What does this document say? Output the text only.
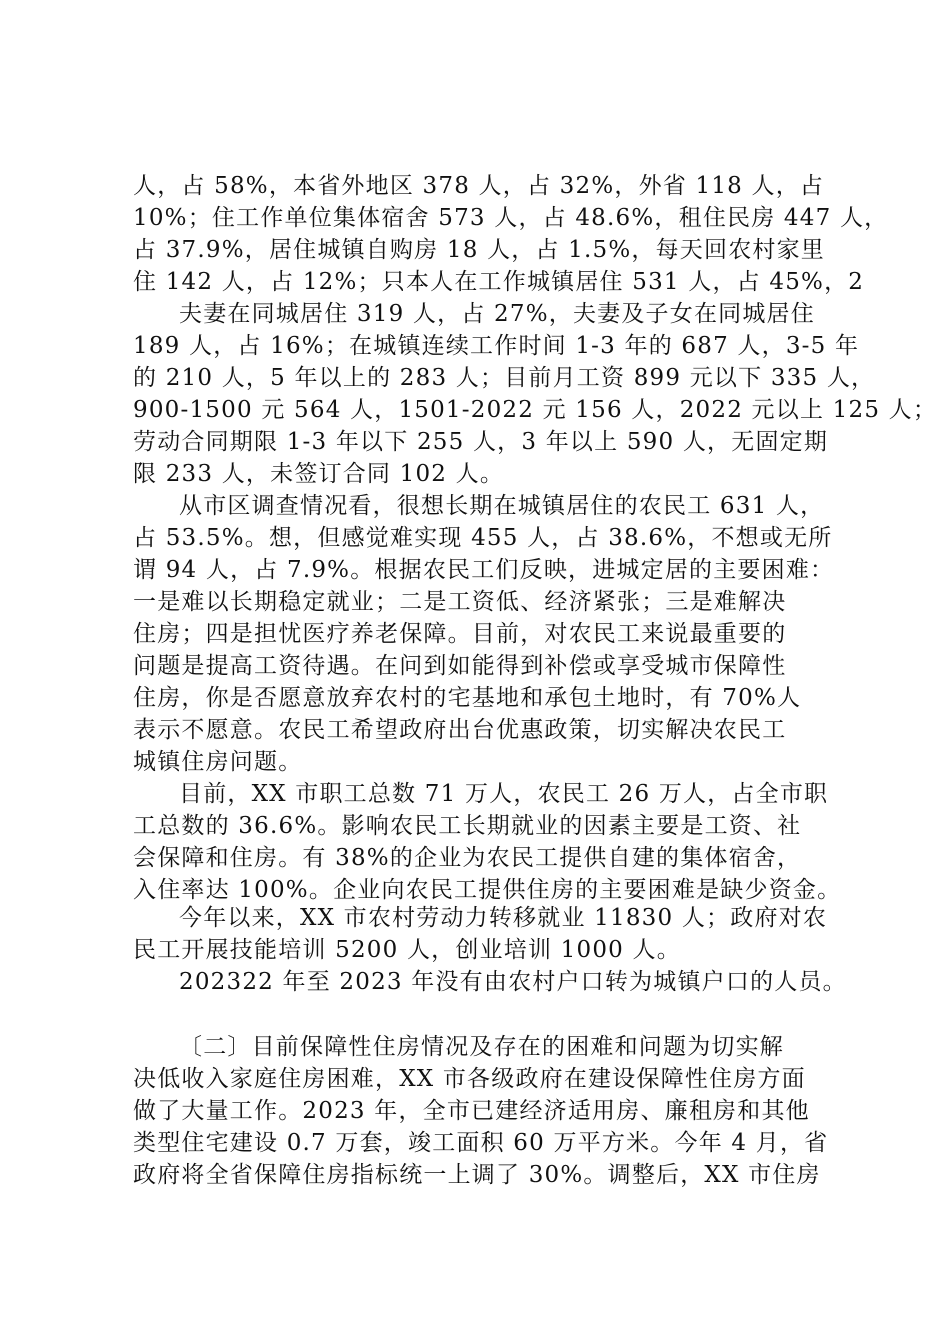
人，占 58%，本省外地区 378 人，占 32%，外省 118 人，占
10%；住工作单位集体宿舍 573 人，占 48.6%，租住民房 447 人，
占 37.9%，居住城镇自购房 18 人，占 1.5%，每天回农村家里
住 142 人，占 12%；只本人在工作城镇居住 531 人，占 45%，2
夫妻在同城居住 319 人，占 27%，夫妻及子女在同城居住
189 人，占 16%；在城镇连续工作时间 1-3 年的 687 人，3-5 年
的 210 人，5 年以上的 283 人；目前月工资 899 元以下 335 人，
900-1500 元 564 人，1501-2022 元 156 人，2022 元以上 125 人；
劳动合同期限 1-3 年以下 255 人，3 年以上 590 人，无固定期
限 233 人，未签订合同 102 人。
从市区调查情况看，很想长期在城镇居住的农民工 631 人，
占 53.5%。想，但感觉难实现 455 人，占 38.6%，不想或无所
谓 94 人，占 7.9%。根据农民工们反映，进城定居的主要困难：
一是难以长期稳定就业；二是工资低、经济紧张；三是难解决
住房；四是担忧医疗养老保障。目前，对农民工来说最重要的
问题是提高工资待遇。在问到如能得到补偿或享受城市保障性
住房，你是否愿意放弃农村的宅基地和承包土地时，有 70%人
表示不愿意。农民工希望政府出台优惠政策，切实解决农民工
城镇住房问题。
目前，XX 市职工总数 71 万人，农民工 26 万人，占全市职
工总数的 36.6%。影响农民工长期就业的因素主要是工资、社
会保障和住房。有 38%的企业为农民工提供自建的集体宿舍，
入住率达 100%。企业向农民工提供住房的主要困难是缺少资金。
今年以来，XX 市农村劳动力转移就业 11830 人；政府对农
民工开展技能培训 5200 人，创业培训 1000 人。
202322 年至 2023 年没有由农村户口转为城镇户口的人员。
〔二〕目前保障性住房情况及存在的困难和问题为切实解
决低收入家庭住房困难，XX 市各级政府在建设保障性住房方面
做了大量工作。2023 年，全市已建经济适用房、廉租房和其他
类型住宅建设 0.7 万套，竣工面积 60 万平方米。今年 4 月，省
政府将全省保障住房指标统一上调了 30%。调整后，XX 市住房
